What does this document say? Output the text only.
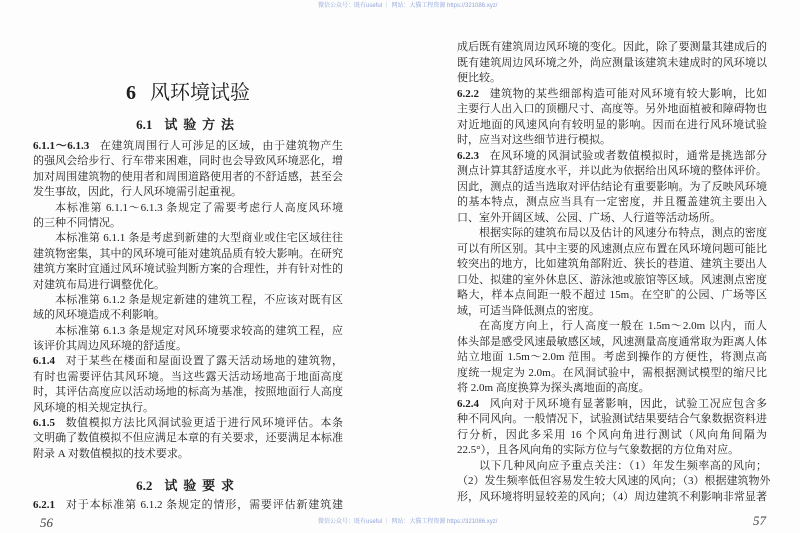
6 风环境试验
6.1 试验方法
6.1.1～6.1.3 在建筑周围行人可涉足的区域，由于建筑物产生
的强风会给步行、行车带来困难，同时也会导致风环境恶化，增
加对周围建筑物的使用者和周围道路使用者的不舒适感，甚至会
发生事故，因此，行人风环境需引起重视。
本标准第 6.1.1～6.1.3 条规定了需要考虑行人高度风环境
的三种不同情况。
本标准第 6.1.1 条是考虑到新建的大型商业或住宅区域往往
建筑物密集，其中的风环境可能对建筑品质有较大影响。在研究
建筑方案时宜通过风环境试验判断方案的合理性，并有针对性的
对建筑布局进行调整优化。
本标准第 6.1.2 条是规定新建的建筑工程，不应该对既有区
域的风环境造成不利影响。
本标准第 6.1.3 条是规定对风环境要求较高的建筑工程，应
该评价其周边风环境的舒适度。
6.1.4 对于某些在楼面和屋面设置了露天活动场地的建筑物，
有时也需要评估其风环境。当这些露天活动场地高于地面高度
时，其评估高度应以活动场地的标高为基准，按照地面行人高度
风环境的相关规定执行。
6.1.5 数值模拟方法比风洞试验更适于进行风环境评估。本条
文明确了数值模拟不但应满足本章的有关要求，还要满足本标准
附录 A 对数值模拟的技术要求。
6.2 试验要求
6.2.1 对于本标准第 6.1.2 条规定的情形，需要评估新建筑建
56
成后既有建筑周边风环境的变化。因此，除了要测量其建成后的
既有建筑周边风环境之外，尚应测量该建筑未建成时的风环境以
便比较。
6.2.2 建筑物的某些细部构造可能对风环境有较大影响，比如
主要行人出入口的顶棚尺寸、高度等。另外地面植被和障碍物也
对近地面的风速风向有较明显的影响。因而在进行风环境试验
时，应当对这些细节进行模拟。
6.2.3 在风环境的风洞试验或者数值模拟时，通常是挑选部分
测点计算其舒适度水平，并以此为依据给出风环境的整体评价。
因此，测点的适当选取对评估结论有重要影响。为了反映风环境
的基本特点，测点应当具有一定密度，并且覆盖建筑主要出入
口、室外开阔区域、公园、广场、人行道等活动场所。
根据实际的建筑布局以及估计的风速分布特点，测点的密度
可以有所区别。其中主要的风速测点应布置在风环境问题可能比
较突出的地方，比如建筑角部附近、狭长的巷道、建筑主要出人
口处、拟建的室外休息区、游泳池或旅馆等区域。风速测点密度
略大，样本点间距一般不超过 15m。在空旷的公园、广场等区
域，可适当降低测点的密度。
在高度方向上，行人高度一般在 1.5m～2.0m 以内，而人
体头部是感受风速最敏感区域，风速测量高度通常取为距离人体
站立地面 1.5m～2.0m 范围。考虑到操作的方便性，将测点高
度统一规定为 2.0m。在风洞试验中，需根据测试模型的缩尺比
将 2.0m 高度换算为探头离地面的高度。
6.2.4 风向对于风环境有显著影响，因此，试验工况应包含多
种不同风向。一般情况下，试验测试结果要结合气象数据资料进
行分析，因此多采用 16 个风向角进行测试（风向角间隔为
22.5°），且各风向角的实际方位与气象数据的方位角对应。
以下几种风向应予重点关注：（1）年发生频率高的风向；
（2）发生频率低但容易发生较大风速的风向；（3）根据建筑物外
形，风环境将明显较差的风向；（4）周边建筑不利影响非常显著
57
微信公众号：既有useful ｜ 网站：大猫工程资源 https://321086.xyz/
微信公众号：既有useful ｜ 网站：大猫工程资源 https://321086.xyz/
